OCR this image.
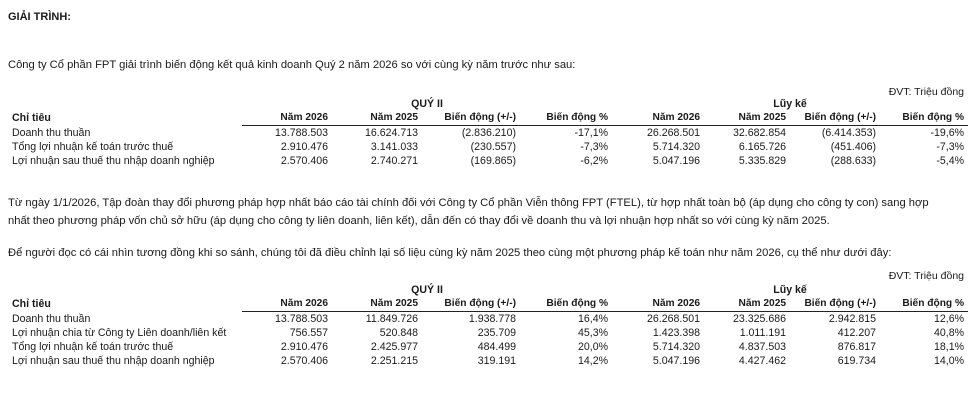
GIẢI TRÌNH:
Công ty Cổ phần FPT giải trình biến động kết quả kinh doanh Quý 2 năm 2026 so với cùng kỳ năm trước như sau:
ĐVT: Triệu đồng
	QUÝ II				Lũy kế			
Chỉ tiêu	Năm 2026	Năm 2025	Biến động (+/-)	Biến động %	Năm 2026	Năm 2025	Biến động (+/-)	Biến động %
Doanh thu thuần	13.788.503	16.624.713	(2.836.210)	-17,1%	26.268.501	32.682.854	(6.414.353)	-19,6%
Tổng lợi nhuận kế toán trước thuế	2.910.476	3.141.033	(230.557)	-7,3%	5.714.320	6.165.726	(451.406)	-7,3%
Lợi nhuận sau thuế thu nhập doanh nghiệp	2.570.406	2.740.271	(169.865)	-6,2%	5.047.196	5.335.829	(288.633)	-5,4%
Từ ngày 1/1/2026, Tập đoàn thay đổi phương pháp hợp nhất báo cáo tài chính đối với Công ty Cổ phần Viễn thông FPT (FTEL), từ hợp nhất toàn bộ (áp dụng cho công ty con) sang hợp
nhất theo phương pháp vốn chủ sở hữu (áp dụng cho công ty liên doanh, liên kết), dẫn đến có thay đổi về doanh thu và lợi nhuận hợp nhất so với cùng kỳ năm 2025.
Để người đọc có cái nhìn tương đồng khi so sánh, chúng tôi đã điều chỉnh lại số liệu cùng kỳ năm 2025 theo cùng một phương pháp kế toán như năm 2026, cụ thể như dưới đây:
ĐVT: Triệu đồng
	QUÝ II				Lũy kế			
Chỉ tiêu	Năm 2026	Năm 2025	Biến động (+/-)	Biến động %	Năm 2026	Năm 2025	Biến động (+/-)	Biến động %
Doanh thu thuần	13.788.503	11.849.726	1.938.778	16,4%	26.268.501	23.325.686	2.942.815	12,6%
Lợi nhuận chia từ Công ty Liên doanh/liên kết	756.557	520.848	235.709	45,3%	1.423.398	1.011.191	412.207	40,8%
Tổng lợi nhuận kế toán trước thuế	2.910.476	2.425.977	484.499	20,0%	5.714.320	4.837.503	876.817	18,1%
Lợi nhuận sau thuế thu nhập doanh nghiệp	2.570.406	2.251.215	319.191	14,2%	5.047.196	4.427.462	619.734	14,0%
